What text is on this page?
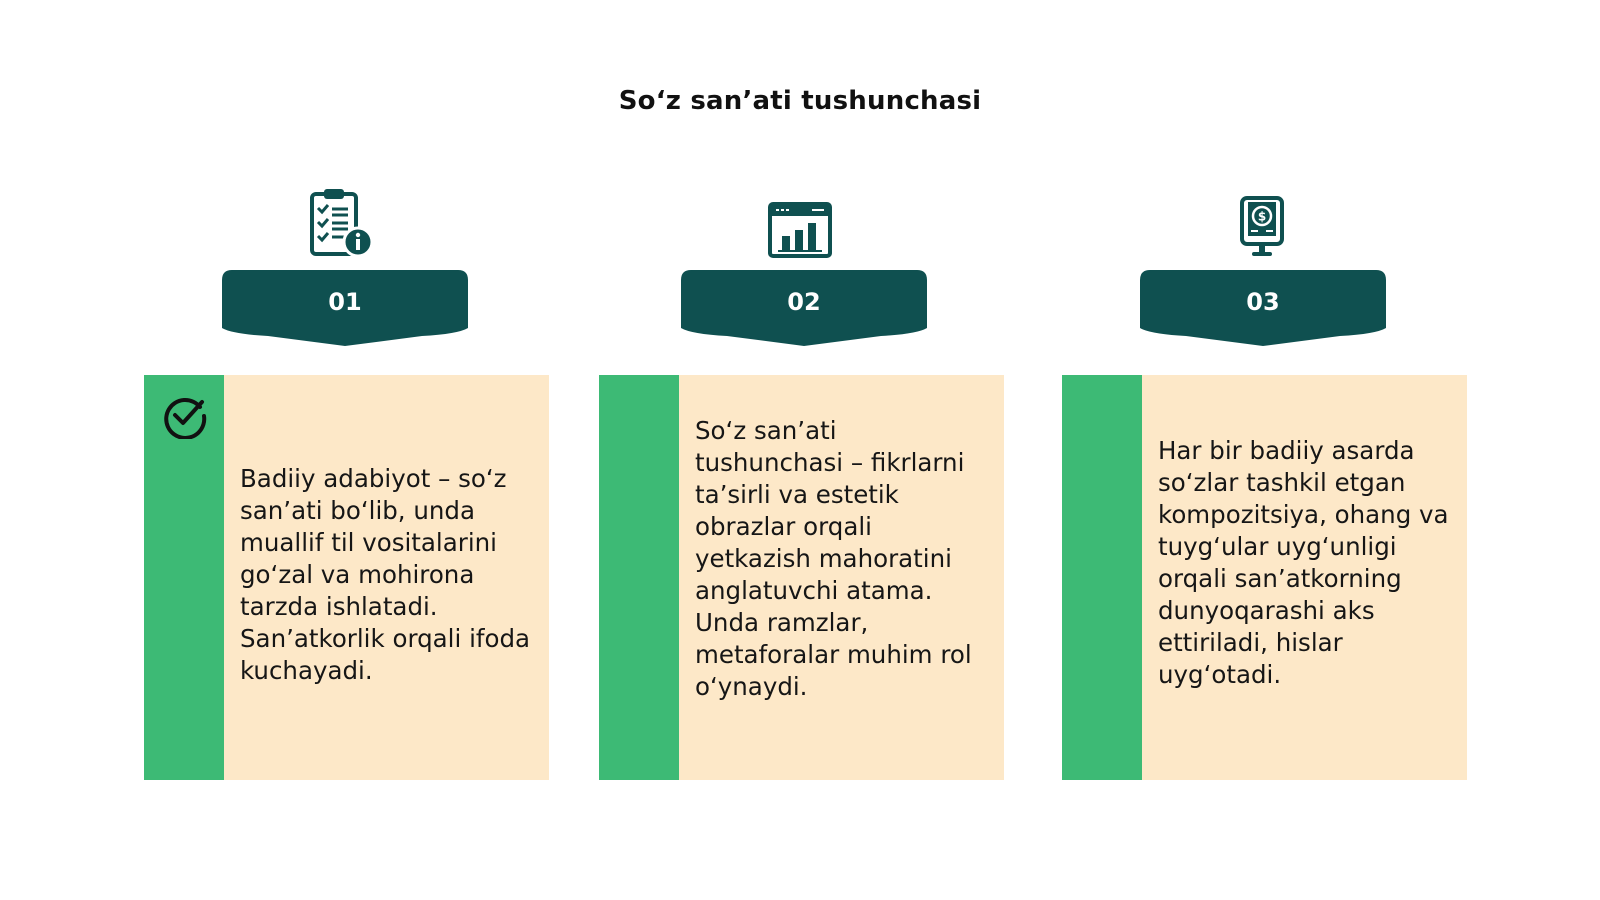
So‘z san’ati tushunchasi
$
01	02	03
Badiiy adabiyot – so‘z san’ati bo‘lib, unda muallif til vositalarini go‘zal va mohirona tarzda ishlatadi. San’atkorlik orqali ifoda kuchayadi.
So‘z san’ati tushunchasi – fikrlarni ta’sirli va estetik obrazlar orqali yetkazish mahoratini anglatuvchi atama. Unda ramzlar, metaforalar muhim rol o‘ynaydi.
Har bir badiiy asarda so‘zlar tashkil etgan kompozitsiya, ohang va tuyg‘ular uyg‘unligi orqali san’atkorning dunyoqarashi aks ettiriladi, hislar uyg‘otadi.
